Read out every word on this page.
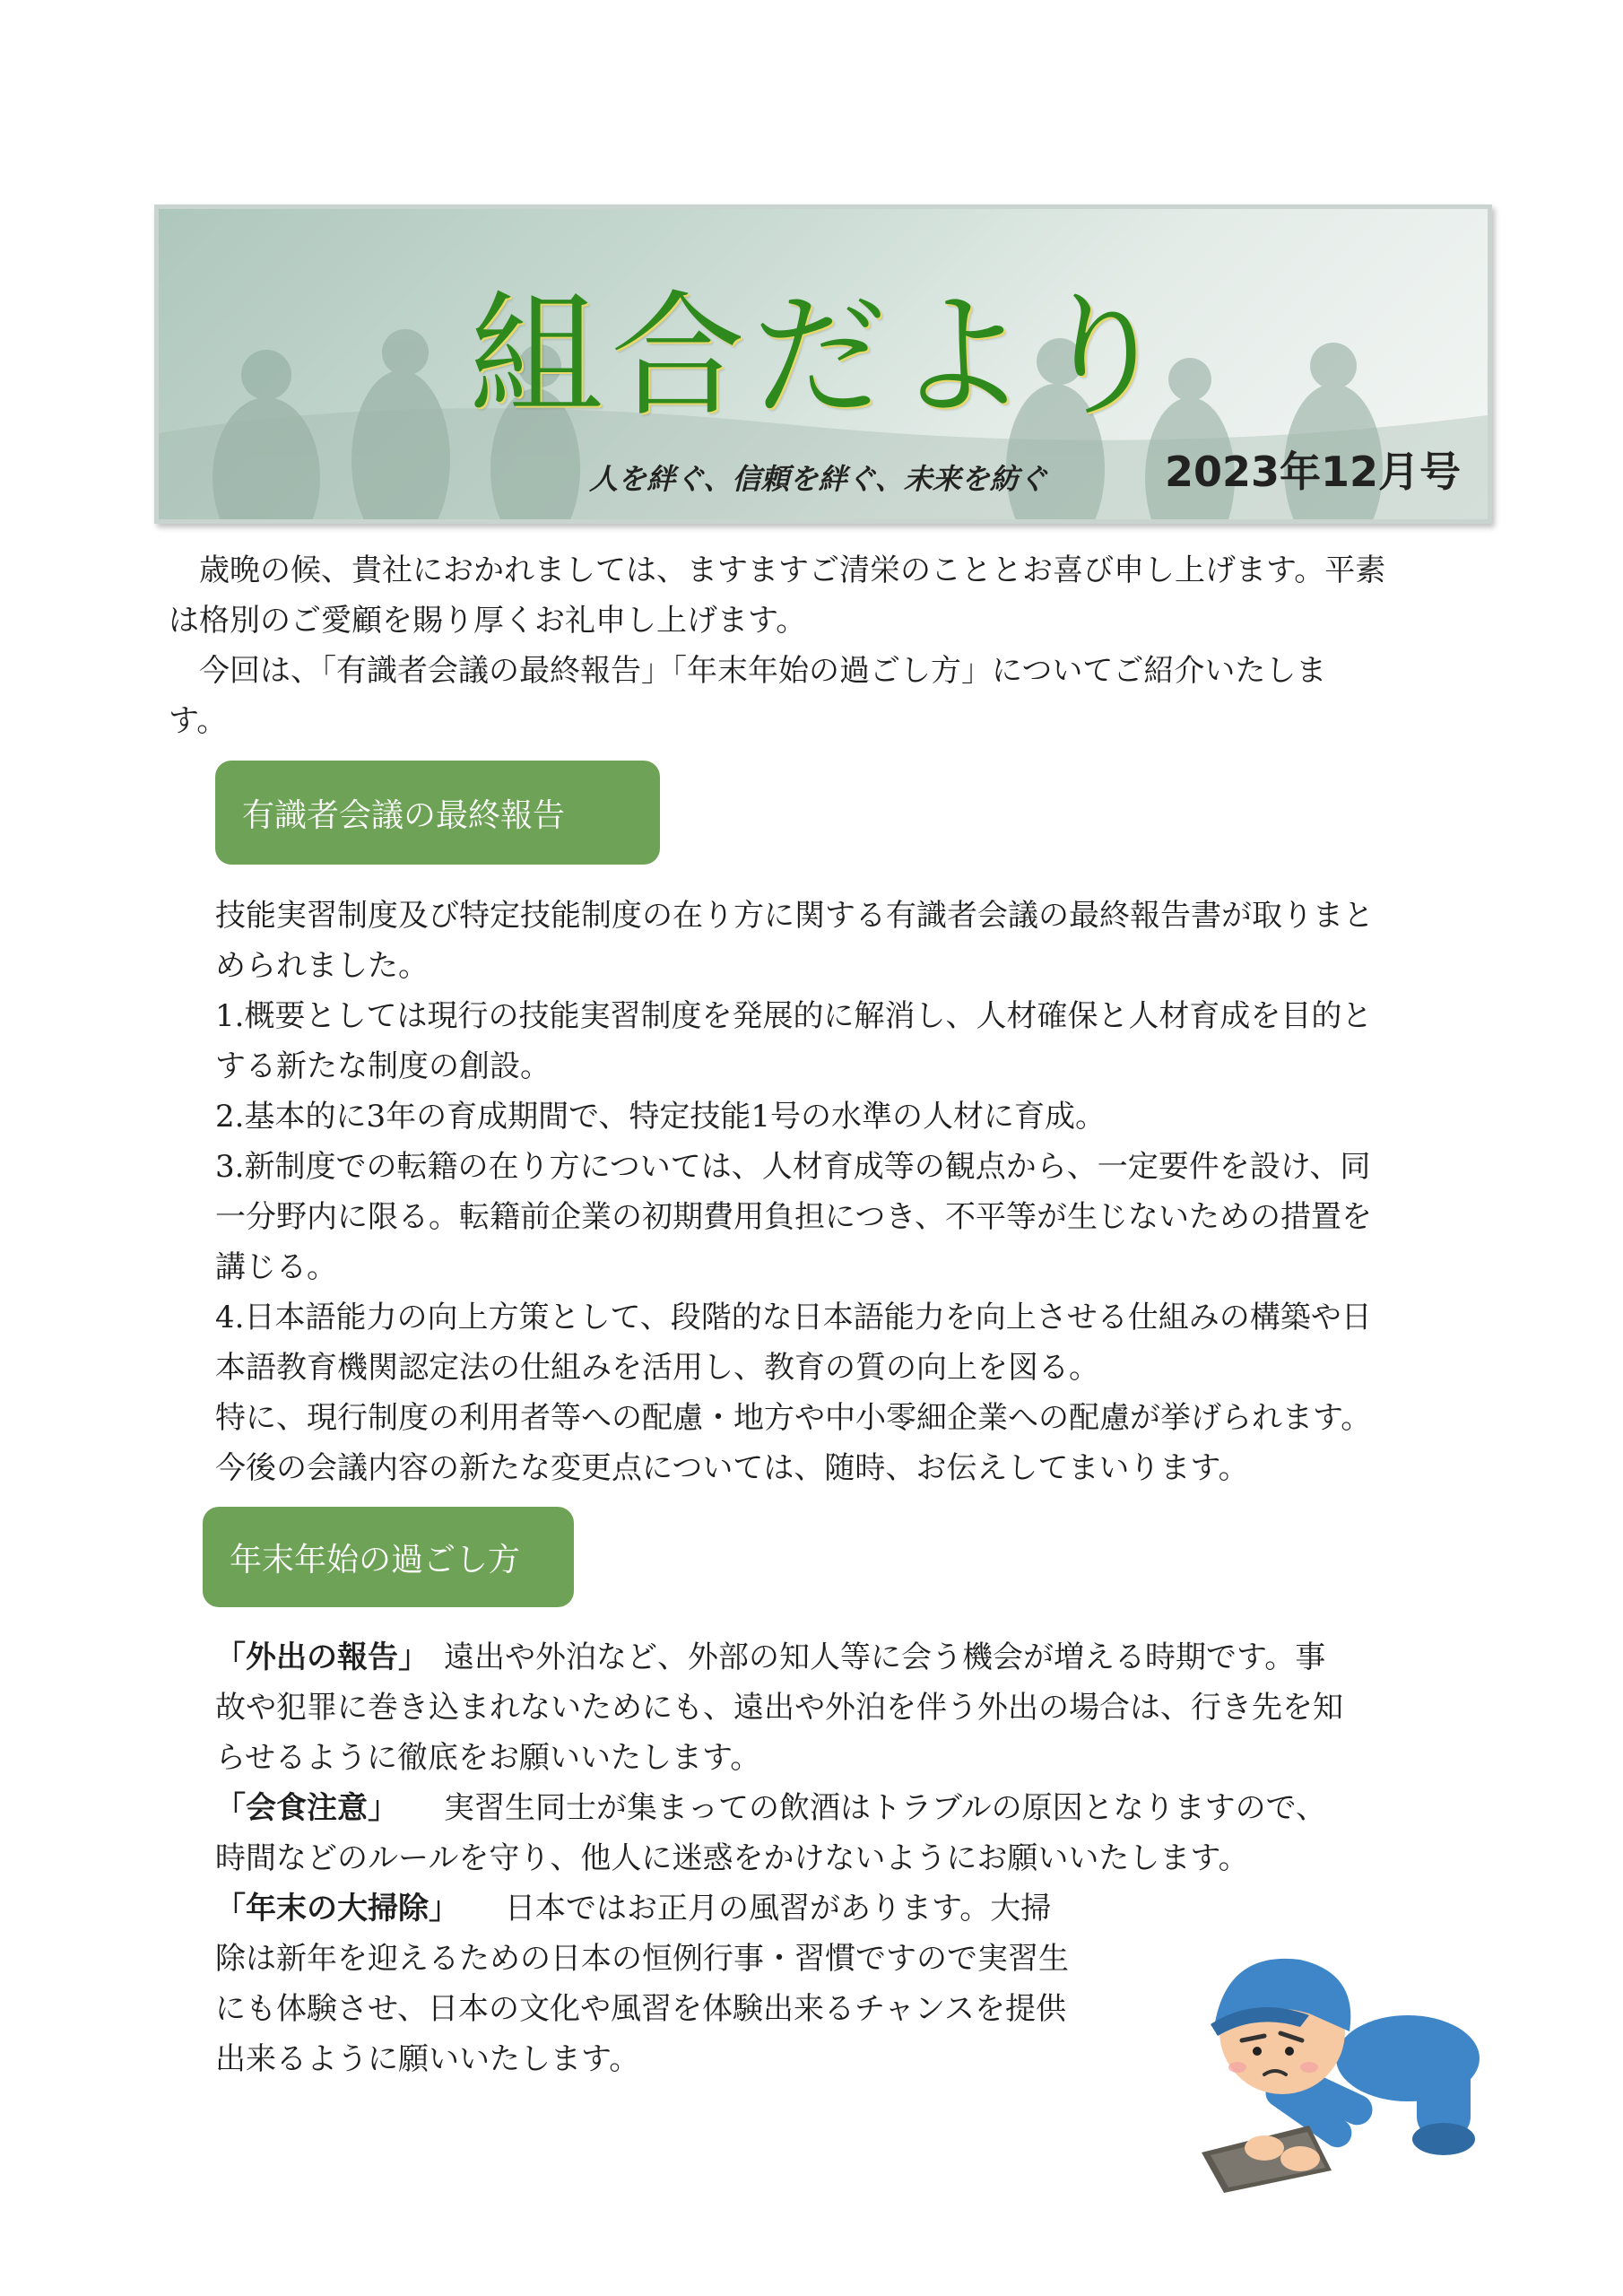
組合だより
人を絆ぐ、信頼を絆ぐ、未来を紡ぐ	2023年12月号
　歳晩の候、貴社におかれましては、ますますご清栄のこととお喜び申し上げます。平素
は格別のご愛顧を賜り厚くお礼申し上げます。
　今回は、「有識者会議の最終報告」「年末年始の過ごし方」についてご紹介いたしま
す。
有識者会議の最終報告
技能実習制度及び特定技能制度の在り方に関する有識者会議の最終報告書が取りまと
められました。
1.概要としては現行の技能実習制度を発展的に解消し、人材確保と人材育成を目的と
する新たな制度の創設。
2.基本的に3年の育成期間で、特定技能1号の水準の人材に育成。
3.新制度での転籍の在り方については、人材育成等の観点から、一定要件を設け、同
一分野内に限る。転籍前企業の初期費用負担につき、不平等が生じないための措置を
講じる。
4.日本語能力の向上方策として、段階的な日本語能力を向上させる仕組みの構築や日
本語教育機関認定法の仕組みを活用し、教育の質の向上を図る。
特に、現行制度の利用者等への配慮・地方や中小零細企業への配慮が挙げられます。
今後の会議内容の新たな変更点については、随時、お伝えしてまいります。
年末年始の過ごし方
「外出の報告」　遠出や外泊など、外部の知人等に会う機会が増える時期です。事
故や犯罪に巻き込まれないためにも、遠出や外泊を伴う外出の場合は、行き先を知
らせるように徹底をお願いいたします。
「会食注意」　　実習生同士が集まっての飲酒はトラブルの原因となりますので、
時間などのルールを守り、他人に迷惑をかけないようにお願いいたします。
「年末の大掃除」　　日本ではお正月の風習があります。大掃
除は新年を迎えるための日本の恒例行事・習慣ですので実習生
にも体験させ、日本の文化や風習を体験出来るチャンスを提供
出来るように願いいたします。
